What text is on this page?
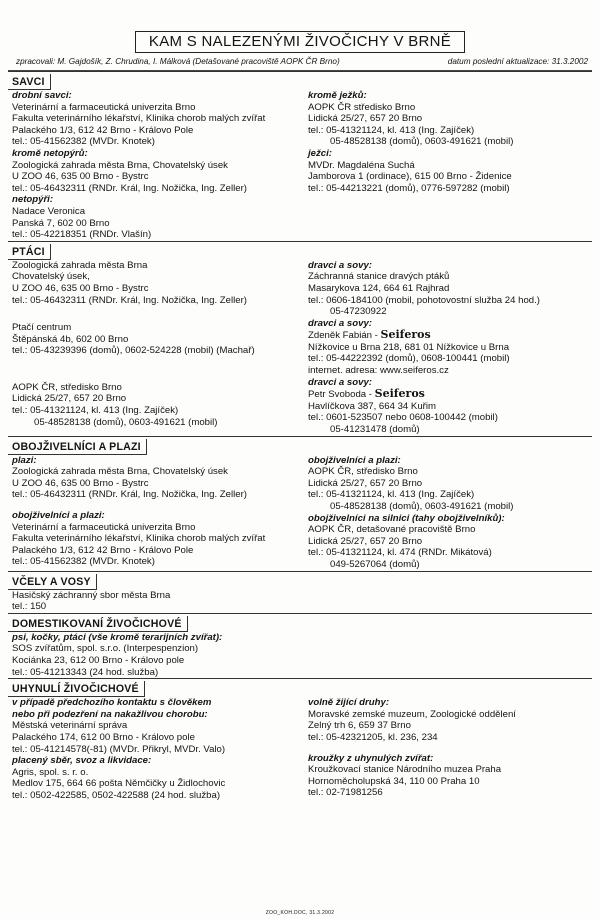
KAM S NALEZENÝMI ŽIVOČICHY V BRNĚ
zpracovali: M. Gajdošík, Z. Chrudina, I. Málková (Detašované pracoviště AOPK ČR Brno)	datum poslední aktualizace: 31.3.2002
SAVCI
drobní savci:
Veterinární a farmaceutická univerzita Brno
Fakulta veterinárního lékařství, Klinika chorob malých zvířat
Palackého 1/3, 612 42 Brno - Královo Pole
tel.: 05-41562382 (MVDr. Knotek)
kromě netopýrů:
Zoologická zahrada města Brna, Chovatelský úsek
U ZOO 46, 635 00 Brno - Bystrc
tel.: 05-46432311 (RNDr. Král, Ing. Nožička, Ing. Zeller)
netopýři:
Nadace Veronica
Panská 7, 602 00 Brno
tel.: 05-42218351 (RNDr. Vlašín)
kromě ježků:
AOPK ČR středisko Brno
Lidická 25/27, 657 20 Brno
tel.: 05-41321124, kl. 413 (Ing. Zajíček)
05-48528138 (domů), 0603-491621 (mobil)
ježci:
MVDr. Magdaléna Suchá
Jamborova 1 (ordinace), 615 00 Brno - Židenice
tel.: 05-44213221 (domů), 0776-597282 (mobil)
PTÁCI
Zoologická zahrada města Brna
Chovatelský úsek,
U ZOO 46, 635 00 Brno - Bystrc
tel.: 05-46432311 (RNDr. Král, Ing. Nožička, Ing. Zeller)
Ptačí centrum
Štěpánská 4b, 602 00 Brno
tel.: 05-43239396 (domů), 0602-524228 (mobil) (Machař)
AOPK ČR, středisko Brno
Lidická 25/27, 657 20 Brno
tel.: 05-41321124, kl. 413 (Ing. Zajíček)
05-48528138 (domů), 0603-491621 (mobil)
dravci a sovy:
Záchranná stanice dravých ptáků
Masarykova 124, 664 61 Rajhrad
tel.: 0606-184100 (mobil, pohotovostní služba 24 hod.)
05-47230922
dravci a sovy:
Zdeněk Fabián - Seiferos
Nížkovice u Brna 218, 681 01 Nížkovice u Brna
tel.: 05-44222392 (domů), 0608-100441 (mobil)
internet. adresa: www.seiferos.cz
dravci a sovy:
Petr Svoboda - Seiferos
Havlíčkova 387, 664 34 Kuřim
tel.: 0601-523507 nebo 0608-100442 (mobil)
05-41231478 (domů)
OBOJŽIVELNÍCI A PLAZI
plazi:
Zoologická zahrada města Brna, Chovatelský úsek
U ZOO 46, 635 00 Brno - Bystrc
tel.: 05-46432311 (RNDr. Král, Ing. Nožička, Ing. Zeller)
obojživelníci a plazi:
Veterinární a farmaceutická univerzita Brno
Fakulta veterinárního lékařství, Klinika chorob malých zvířat
Palackého 1/3, 612 42 Brno - Královo Pole
tel.: 05-41562382 (MVDr. Knotek)
obojživelníci a plazi:
AOPK ČR, středisko Brno
Lidická 25/27, 657 20 Brno
tel.: 05-41321124, kl. 413 (Ing. Zajíček)
05-48528138 (domů), 0603-491621 (mobil)
obojživelníci na silnici (tahy obojživelníků):
AOPK ČR, detašované pracoviště Brno
Lidická 25/27, 657 20 Brno
tel.: 05-41321124, kl. 474 (RNDr. Mikátová)
049-5267064 (domů)
VČELY A VOSY
Hasičský záchranný sbor města Brna
tel.: 150
DOMESTIKOVANÍ ŽIVOČICHOVÉ
psi, kočky, ptáci (vše kromě terarijních zvířat):
SOS zvířatům, spol. s.r.o. (Interpespenzion)
Kociánka 23, 612 00 Brno - Královo pole
tel.: 05-41213343 (24 hod. služba)
UHYNULÍ ŽIVOČICHOVÉ
v případě předchozího kontaktu s člověkem
nebo při podezření na nakažlivou chorobu:
Městská veterinární správa
Palackého 174, 612 00 Brno - Královo pole
tel.: 05-41214578(-81) (MVDr. Přikryl, MVDr. Valo)
placený sběr, svoz a likvidace:
Agris, spol. s. r. o.
Medlov 175, 664 66 pošta Němčičky u Židlochovic
tel.: 0502-422585, 0502-422588 (24 hod. služba)
volně žijící druhy:
Moravské zemské muzeum, Zoologické oddělení
Zelný trh 6, 659 37 Brno
tel.: 05-42321205, kl. 236, 234
kroužky z uhynulých zvířat:
Kroužkovací stanice Národního muzea Praha
Hornoměcholupská 34, 110 00 Praha 10
tel.: 02-71981256
ZOO_KOH.DOC, 31.3.2002
